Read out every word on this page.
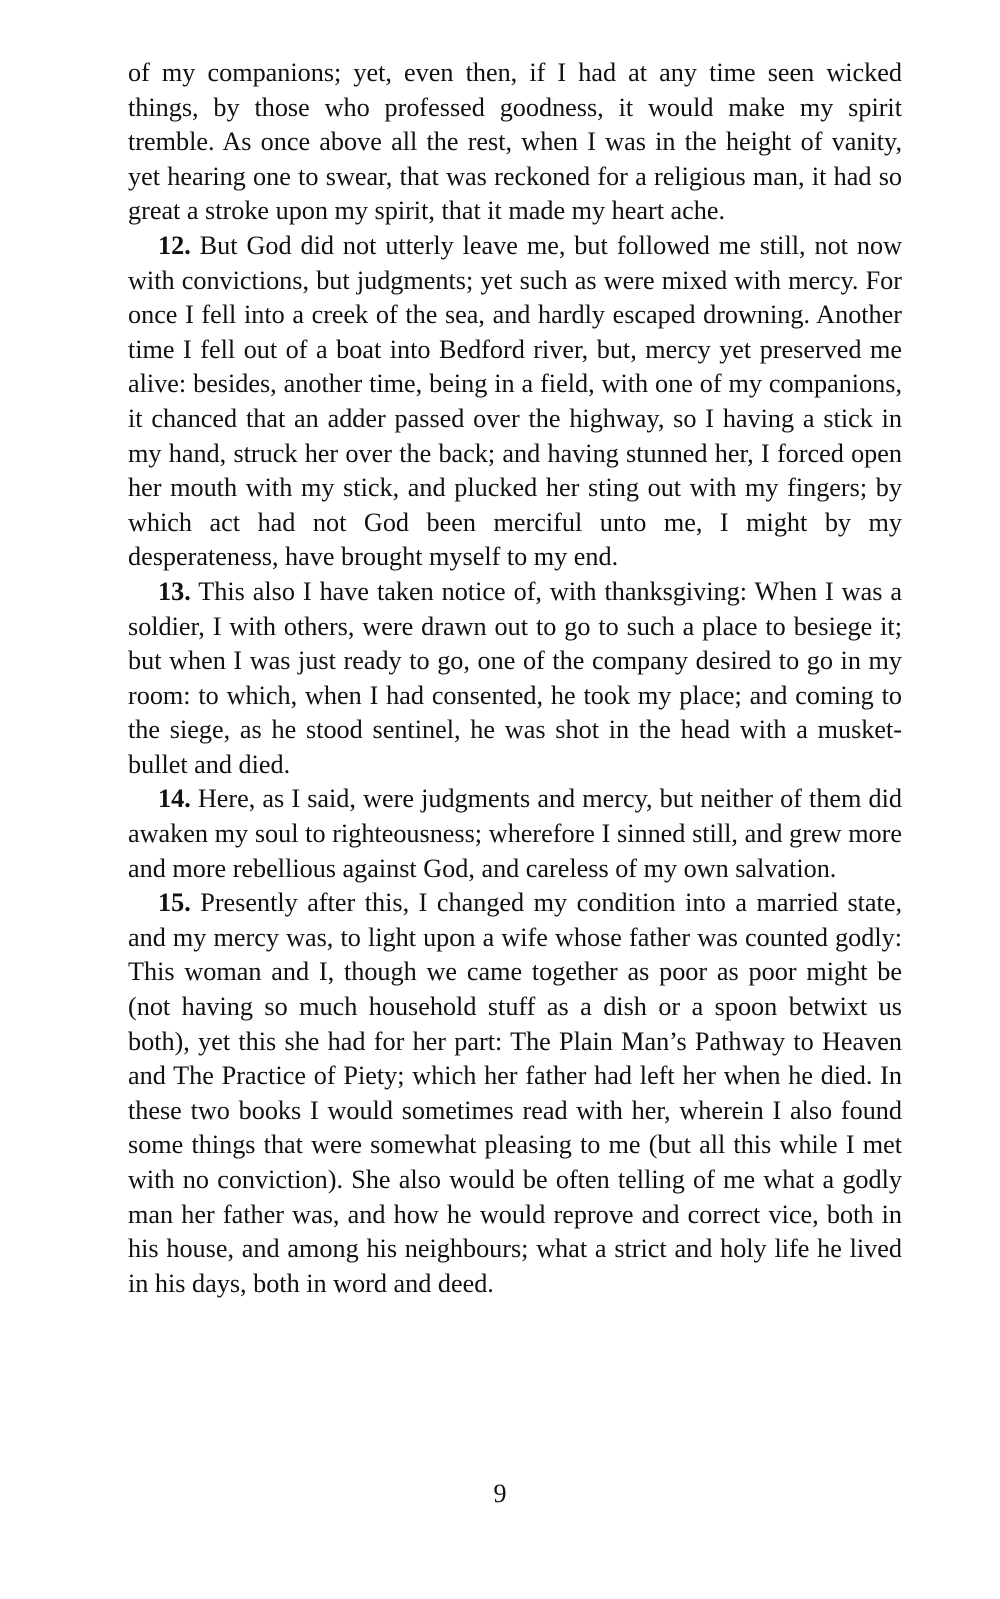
of my companions; yet, even then, if I had at any time seen wicked things, by those who professed goodness, it would make my spirit tremble. As once above all the rest, when I was in the height of vanity, yet hearing one to swear, that was reckoned for a religious man, it had so great a stroke upon my spirit, that it made my heart ache.

12. But God did not utterly leave me, but followed me still, not now with convictions, but judgments; yet such as were mixed with mercy. For once I fell into a creek of the sea, and hardly escaped drowning. Another time I fell out of a boat into Bedford river, but, mercy yet preserved me alive: besides, another time, being in a field, with one of my companions, it chanced that an adder passed over the highway, so I having a stick in my hand, struck her over the back; and having stunned her, I forced open her mouth with my stick, and plucked her sting out with my fingers; by which act had not God been merciful unto me, I might by my desperateness, have brought myself to my end.

13. This also I have taken notice of, with thanksgiving: When I was a soldier, I with others, were drawn out to go to such a place to besiege it; but when I was just ready to go, one of the company desired to go in my room: to which, when I had consented, he took my place; and coming to the siege, as he stood sentinel, he was shot in the head with a musket-bullet and died.

14. Here, as I said, were judgments and mercy, but neither of them did awaken my soul to righteousness; wherefore I sinned still, and grew more and more rebellious against God, and careless of my own salvation.

15. Presently after this, I changed my condition into a married state, and my mercy was, to light upon a wife whose father was counted godly: This woman and I, though we came together as poor as poor might be (not having so much household stuff as a dish or a spoon betwixt us both), yet this she had for her part: The Plain Man’s Pathway to Heaven and The Practice of Piety; which her father had left her when he died. In these two books I would sometimes read with her, wherein I also found some things that were somewhat pleasing to me (but all this while I met with no conviction). She also would be often telling of me what a godly man her father was, and how he would reprove and correct vice, both in his house, and among his neighbours; what a strict and holy life he lived in his days, both in word and deed.

9
